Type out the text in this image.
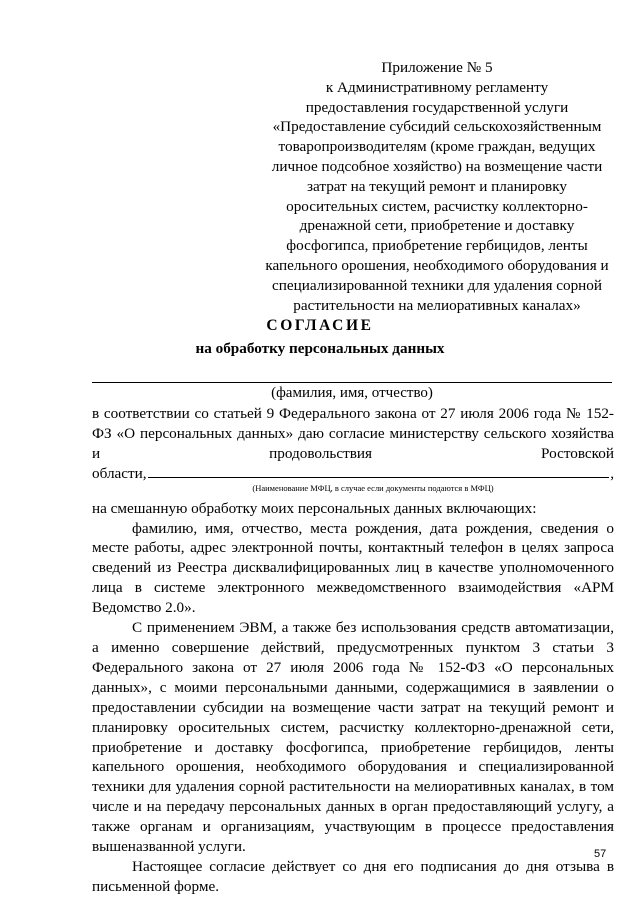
Приложение № 5
к Административному регламенту
предоставления государственной услуги
«Предоставление субсидий сельскохозяйственным
товаропроизводителям (кроме граждан, ведущих
личное подсобное хозяйство) на возмещение части
затрат на текущий ремонт и планировку
оросительных систем, расчистку коллекторно-
дренажной сети, приобретение и доставку
фосфогипса, приобретение гербицидов, ленты
капельного орошения, необходимого оборудования и
специализированной техники для удаления сорной
растительности на мелиоративных каналах»
СОГЛАСИЕ
на обработку персональных данных
(фамилия, имя, отчество)

в соответствии со статьей 9 Федерального закона от 27 июля 2006 года № 152-

ФЗ «О персональных данных» даю согласие министерству сельского хозяйства

и продовольствия Ростовской

области,	,
(Наименование МФЦ, в случае если документы подаются в МФЦ)

на смешанную обработку моих персональных данных включающих:

фамилию, имя, отчество, места рождения, дата рождения, сведения о месте работы, адрес электронной почты, контактный телефон в целях запроса сведений из Реестра дисквалифицированных лиц в качестве уполномоченного лица в системе электронного межведомственного взаимодействия «АРМ Ведомство 2.0».

С применением ЭВМ, а также без использования средств автоматизации, а именно совершение действий, предусмотренных пунктом 3 статьи 3 Федерального закона от 27 июля 2006 года № 152-ФЗ «О персональных данных», с моими персональными данными, содержащимися в заявлении о предоставлении субсидии на возмещение части затрат на текущий ремонт и планировку оросительных систем, расчистку коллекторно-дренажной сети, приобретение и доставку фосфогипса, приобретение гербицидов, ленты капельного орошения, необходимого оборудования и специализированной техники для удаления сорной растительности на мелиоративных каналах, в том числе и на передачу персональных данных в орган предоставляющий услугу, а также органам и организациям, участвующим в процессе предоставления вышеназванной услуги.

Настоящее согласие действует со дня его подписания до дня отзыва в письменной форме.

57
